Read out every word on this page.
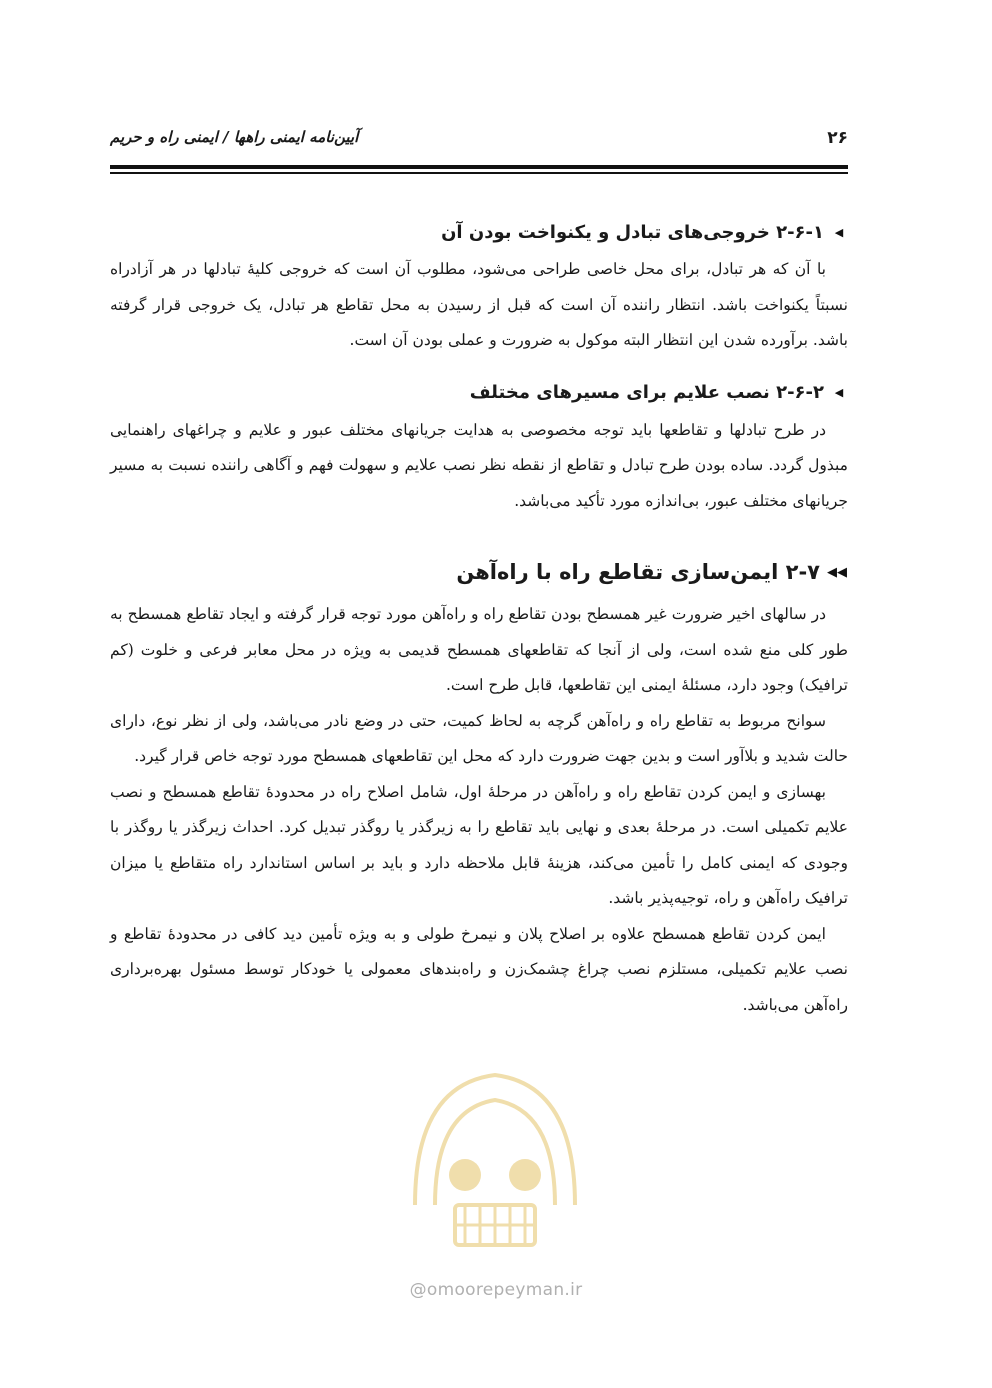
۲۶
آیین‌نامه ایمنی راهها / ایمنی راه و حریم
◀
۲-۶-۱ خروجی‌های تبادل و یکنواخت بودن آن

با آن که هر تبادل، برای محل خاصی طراحی می‌شود، مطلوب آن است که خروجی کلیهٔ تبادلها در هر آزادراه نسبتاً یکنواخت باشد. انتظار راننده آن است که قبل از رسیدن به محل تقاطع هر تبادل، یک خروجی قرار گرفته باشد. برآورده شدن این انتظار البته موکول به ضرورت و عملی بودن آن است.

◀
۲-۶-۲ نصب علایم برای مسیرهای مختلف

در طرح تبادلها و تقاطعها باید توجه مخصوصی به هدایت جریانهای مختلف عبور و علایم و چراغهای راهنمایی مبذول گردد. ساده بودن طرح تبادل و تقاطع از نقطه نظر نصب علایم و سهولت فهم و آگاهی راننده نسبت به مسیر جریانهای مختلف عبور، بی‌اندازه مورد تأکید می‌باشد.

◀◀
۲-۷ ایمن‌سازی تقاطع راه با راه‌آهن

در سالهای اخیر ضرورت غیر همسطح بودن تقاطع راه و راه‌آهن مورد توجه قرار گرفته و ایجاد تقاطع همسطح به طور کلی منع شده است، ولی از آنجا که تقاطعهای همسطح قدیمی به ویژه در محل معابر فرعی و خلوت (کم ترافیک) وجود دارد، مسئلهٔ ایمنی این تقاطعها، قابل طرح است.

سوانح مربوط به تقاطع راه و راه‌آهن گرچه به لحاظ کمیت، حتی در وضع نادر می‌باشد، ولی از نظر نوع، دارای حالت شدید و بلاآور است و بدین جهت ضرورت دارد که محل این تقاطعهای همسطح مورد توجه خاص قرار گیرد.

بهسازی و ایمن کردن تقاطع راه و راه‌آهن در مرحلهٔ اول، شامل اصلاح راه در محدودهٔ تقاطع همسطح و نصب علایم تکمیلی است. در مرحلهٔ بعدی و نهایی باید تقاطع را به زیرگذر یا روگذر تبدیل کرد. احداث زیرگذر یا روگذر با وجودی که ایمنی کامل را تأمین می‌کند، هزینهٔ قابل ملاحظه دارد و باید بر اساس استاندارد راه متقاطع یا میزان ترافیک راه‌آهن و راه، توجیه‌پذیر باشد.

ایمن کردن تقاطع همسطح علاوه بر اصلاح پلان و نیمرخ طولی و به ویژه تأمین دید کافی در محدودهٔ تقاطع و نصب علایم تکمیلی، مستلزم نصب چراغ چشمک‌زن و راه‌بندهای معمولی یا خودکار توسط مسئول بهره‌برداری راه‌آهن می‌باشد.

@omoorepeyman.ir
